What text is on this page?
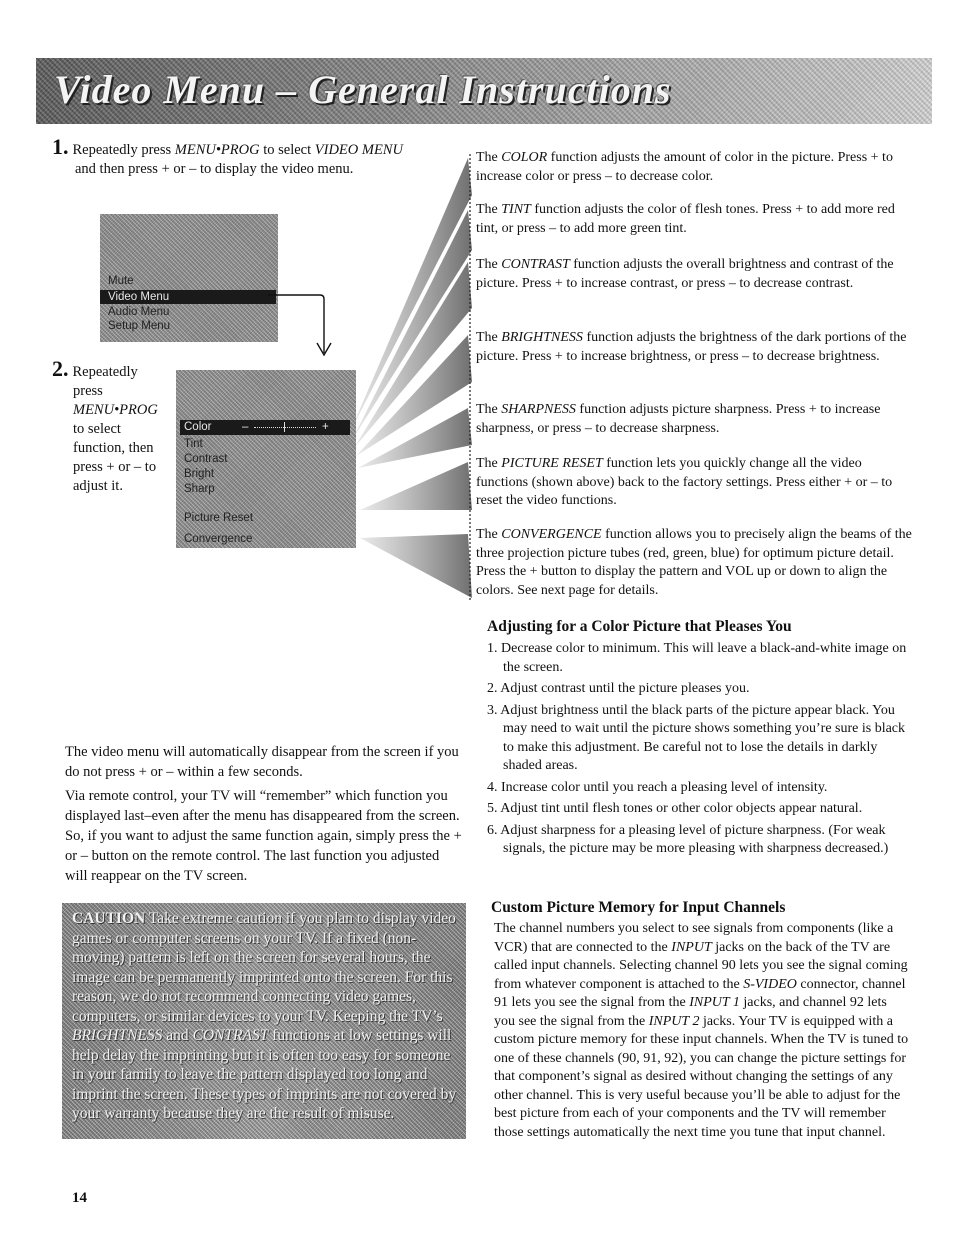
Video Menu – General Instructions
1. Repeatedly press MENU•PROG to select VIDEO MENU
and then press + or – to display the video menu.
Mute
Video Menu
Audio Menu
Setup Menu
2. Repeatedly
press
MENU•PROG
to select
function, then
press + or – to
adjust it.
Color	–	+
Tint
Contrast
Bright
Sharp
Picture Reset
Convergence
The COLOR function adjusts the amount of color in the picture. Press + to increase color or press – to decrease color.
The TINT function adjusts the color of flesh tones. Press + to add more red tint, or press – to add more green tint.
The CONTRAST function adjusts the overall brightness and contrast of the picture. Press + to increase contrast, or press – to decrease contrast.
The BRIGHTNESS function adjusts the brightness of the dark portions of the picture. Press + to increase brightness, or press – to decrease brightness.
The SHARPNESS function adjusts picture sharpness. Press + to increase sharpness, or press – to decrease sharpness.
The PICTURE RESET function lets you quickly change all the video functions (shown above) back to the factory settings. Press either + or – to reset the video functions.
The CONVERGENCE function allows you to precisely align the beams of the three projection picture tubes (red, green, blue) for optimum picture detail. Press the + button to display the pattern and VOL up or down to align the colors. See next page for details.
The video menu will automatically disappear from the screen if you do not press + or – within a few seconds.
Via remote control, your TV will “remember” which function you displayed last–even after the menu has disappeared from the screen. So, if you want to adjust the same function again, simply press the + or – button on the remote control. The last function you adjusted will reappear on the TV screen.
CAUTION Take extreme caution if you plan to display video games or computer screens on your TV. If a fixed (non-moving) pattern is left on the screen for several hours, the image can be permanently imprinted onto the screen. For this reason, we do not recommend connecting video games, computers, or similar devices to your TV. Keeping the TV’s BRIGHTNESS and CONTRAST functions at low settings will help delay the imprinting but it is often too easy for someone in your family to leave the pattern displayed too long and imprint the screen. These types of imprints are not covered by your warranty because they are the result of misuse.
Adjusting for a Color Picture that Pleases You
1. Decrease color to minimum. This will leave a black-and-white image on the screen.
2. Adjust contrast until the picture pleases you.
3. Adjust brightness until the black parts of the picture appear black. You may need to wait until the picture shows something you’re sure is black to make this adjustment. Be careful not to lose the details in darkly shaded areas.
4. Increase color until you reach a pleasing level of intensity.
5. Adjust tint until flesh tones or other color objects appear natural.
6. Adjust sharpness for a pleasing level of picture sharpness. (For weak signals, the picture may be more pleasing with sharpness decreased.)
Custom Picture Memory for Input Channels
The channel numbers you select to see signals from components (like a VCR) that are connected to the INPUT jacks on the back of the TV are called input channels. Selecting channel 90 lets you see the signal coming from whatever component is attached to the S-VIDEO connector, channel 91 lets you see the signal from the INPUT 1 jacks, and channel 92 lets you see the signal from the INPUT 2 jacks. Your TV is equipped with a custom picture memory for these input channels. When the TV is tuned to one of these channels (90, 91, 92), you can change the picture settings for that component’s signal as desired without changing the settings of any other channel. This is very useful because you’ll be able to adjust for the best picture from each of your components and the TV will remember those settings automatically the next time you tune that input channel.
14
